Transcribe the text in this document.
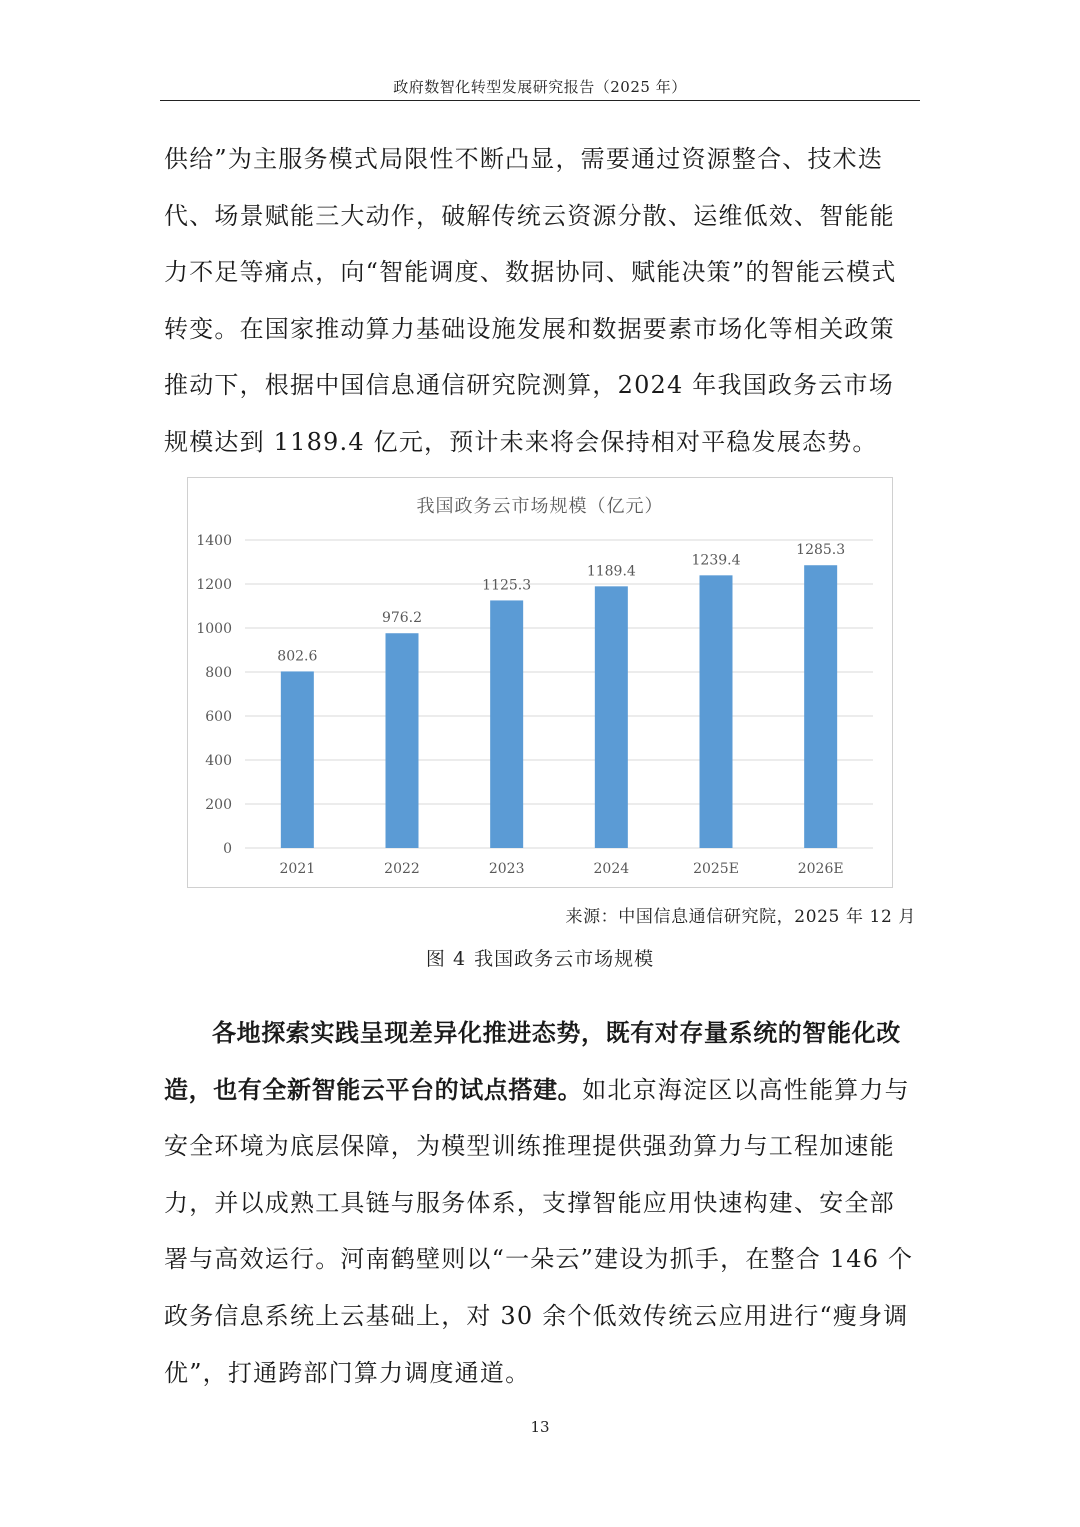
政府数智化转型发展研究报告（2025 年）

供给”为主服务模式局限性不断凸显，需要通过资源整合、技术迭代、场景赋能三大动作，破解传统云资源分散、运维低效、智能能力不足等痛点，向“智能调度、数据协同、赋能决策”的智能云模式转变。在国家推动算力基础设施发展和数据要素市场化等相关政策推动下，根据中国信息通信研究院测算，2024 年我国政务云市场规模达到 1189.4 亿元，预计未来将会保持相对平稳发展态势。

我国政务云市场规模（亿元）
0
200
400
600
800
1000
1200
1400
802.6
2021
976.2
2022
1125.3
2023
1189.4
2024
1239.4
2025E
1285.3
2026E
来源：中国信息通信研究院，2025 年 12 月
图 4 我国政务云市场规模

各地探索实践呈现差异化推进态势，既有对存量系统的智能化改造，也有全新智能云平台的试点搭建。如北京海淀区以高性能算力与安全环境为底层保障，为模型训练推理提供强劲算力与工程加速能力，并以成熟工具链与服务体系，支撑智能应用快速构建、安全部署与高效运行。河南鹤壁则以“一朵云”建设为抓手，在整合 146 个政务信息系统上云基础上，对 30 余个低效传统云应用进行“瘦身调优”，打通跨部门算力调度通道。

13
